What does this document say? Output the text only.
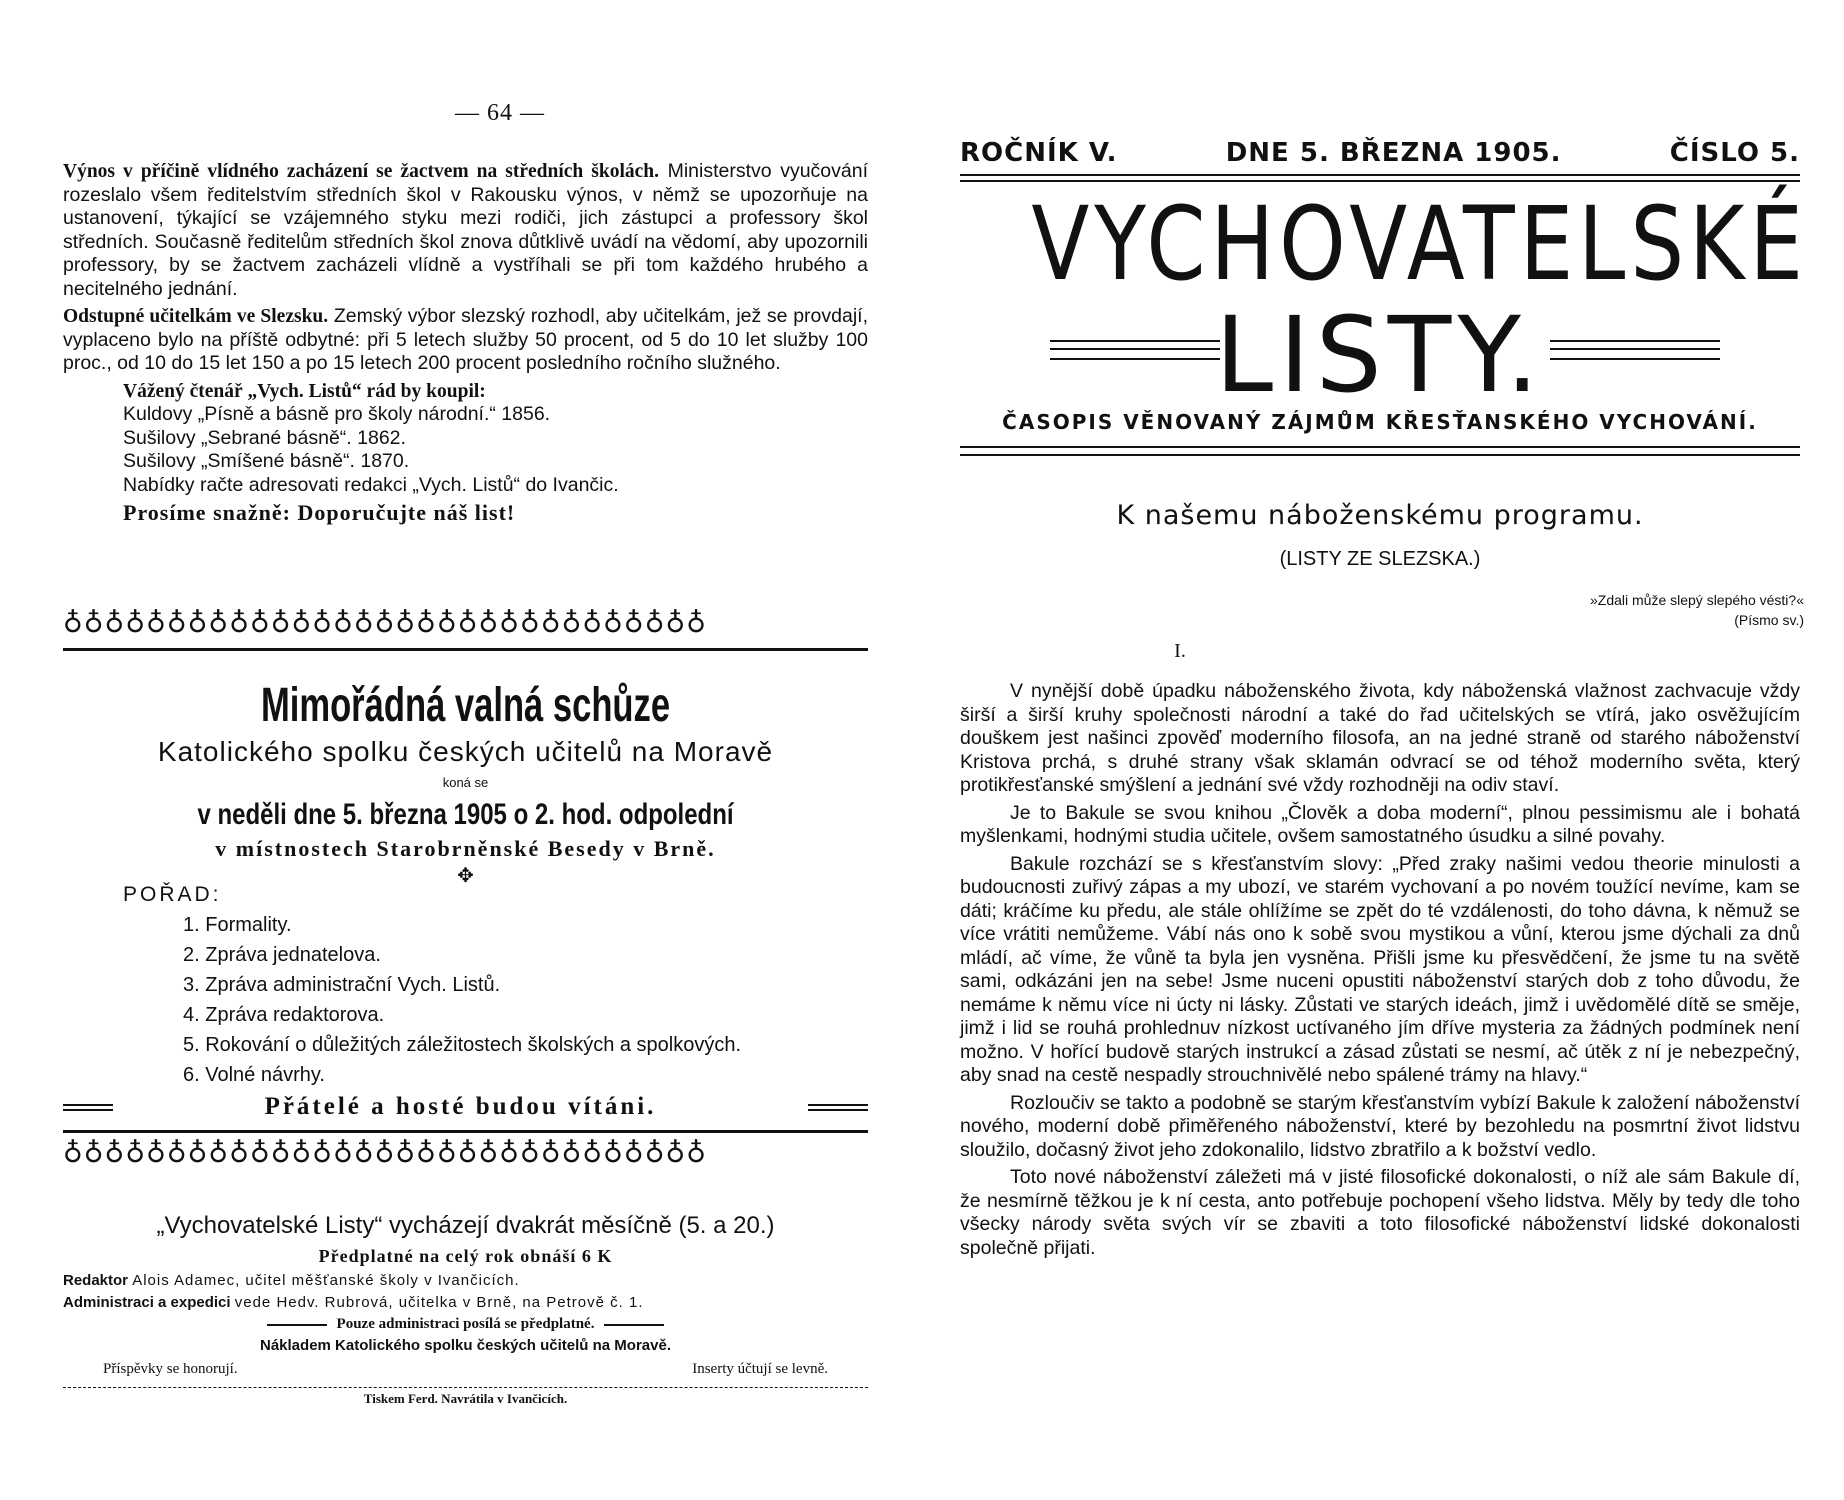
— 64 —

Výnos v příčině vlídného zacházení se žactvem na středních školách. Ministerstvo vyučování rozeslalo všem ředitelstvím středních škol v Rakousku výnos, v němž se upozorňuje na ustanovení, týkající se vzájemného styku mezi rodiči, jich zástupci a professory škol středních. Současně ředitelům středních škol znova důtklivě uvádí na vědomí, aby upozornili professory, by se žactvem zacházeli vlídně a vystříhali se při tom každého hrubého a necitelného jednání.

Odstupné učitelkám ve Slezsku. Zemský výbor slezský rozhodl, aby učitelkám, jež se provdají, vyplaceno bylo na příště odbytné: při 5 letech služby 50 procent, od 5 do 10 let služby 100 proc., od 10 do 15 let 150 a po 15 letech 200 procent posledního ročního služného.

Vážený čtenář „Vych. Listů“ rád by koupil:
Kuldovy „Písně a básně pro školy národní.“ 1856.
Sušilovy „Sebrané básně“. 1862.
Sušilovy „Smíšené básně“. 1870.
Nabídky račte adresovati redakci „Vych. Listů“ do Ivančic.
Prosíme snažně: Doporučujte náš list!
♁♁♁♁♁♁♁♁♁♁♁♁♁♁♁♁♁♁♁♁♁♁♁♁♁♁♁♁♁♁♁
Mimořádná valná schůze
Katolického spolku českých učitelů na Moravě
koná se
v neděli dne 5. března 1905 o 2. hod. odpolední
v místnostech Starobrněnské Besedy v Brně.
✥
POŘAD:
1. Formality.
2. Zpráva jednatelova.
3. Zpráva administrační Vych. Listů.
4. Zpráva redaktorova.
5. Rokování o důležitých záležitostech školských a spolkových.
6. Volné návrhy.
Přátelé a hosté budou vítáni.
♁♁♁♁♁♁♁♁♁♁♁♁♁♁♁♁♁♁♁♁♁♁♁♁♁♁♁♁♁♁♁
„Vychovatelské Listy“ vycházejí dvakrát měsíčně (5. a 20.)
Předplatné na celý rok obnáší 6 K
Redaktor Alois Adamec, učitel měšťanské školy v Ivančicích.
Administraci a expedici vede Hedv. Rubrová, učitelka v Brně, na Petrově č. 1.
Pouze administraci posílá se předplatné.
Nákladem Katolického spolku českých učitelů na Moravě.
Příspěvky se honorují.	Inserty účtují se levně.
Tiskem Ferd. Navrátila v Ivančicích.
ROČNÍK V.	DNE 5. BŘEZNA 1905.	ČÍSLO 5.
VYCHOVATELSKÉ
LISTY.
ČASOPIS VĚNOVANÝ ZÁJMŮM KŘESŤANSKÉHO VYCHOVÁNÍ.
K našemu náboženskému programu.
(LISTY ZE SLEZSKA.)
»Zdali může slepý slepého vésti?«
(Písmo sv.)
I.

V nynější době úpadku náboženského života, kdy náboženská vlažnost zachvacuje vždy širší a širší kruhy společnosti národní a také do řad učitelských se vtírá, jako osvěžujícím douškem jest našinci zpověď moderního filosofa, an na jedné straně od starého náboženství Kristova prchá, s druhé strany však sklamán odvrací se od téhož moderního světa, který protikřesťanské smýšlení a jednání své vždy rozhodněji na odiv staví.

Je to Bakule se svou knihou „Člověk a doba moderní“, plnou pessimismu ale i bohatá myšlenkami, hodnými studia učitele, ovšem samostatného úsudku a silné povahy.

Bakule rozchází se s křesťanstvím slovy: „Před zraky našimi vedou theorie minulosti a budoucnosti zuřivý zápas a my ubozí, ve starém vychovaní a po novém toužící nevíme, kam se dáti; kráčíme ku předu, ale stále ohlížíme se zpět do té vzdálenosti, do toho dávna, k němuž se více vrátiti nemůžeme. Vábí nás ono k sobě svou mystikou a vůní, kterou jsme dýchali za dnů mládí, ač víme, že vůně ta byla jen vysněna. Přišli jsme ku přesvědčení, že jsme tu na světě sami, odkázáni jen na sebe! Jsme nuceni opustiti náboženství starých dob z toho důvodu, že nemáme k němu více ni úcty ni lásky. Zůstati ve starých ideách, jimž i uvědomělé dítě se směje, jimž i lid se rouhá prohlednuv nízkost uctívaného jím dříve mysteria za žádných podmínek není možno. V hořící budově starých instrukcí a zásad zůstati se nesmí, ač útěk z ní je nebezpečný, aby snad na cestě nespadly strouchnivělé nebo spálené trámy na hlavy.“

Rozloučiv se takto a podobně se starým křesťanstvím vybízí Bakule k založení náboženství nového, moderní době přiměřeného náboženství, které by bezohledu na posmrtní život lidstvu sloužilo, dočasný život jeho zdokonalilo, lidstvo zbratřilo a k božství vedlo.

Toto nové náboženství záležeti má v jisté filosofické dokonalosti, o níž ale sám Bakule dí, že nesmírně těžkou je k ní cesta, anto potřebuje pochopení všeho lidstva. Měly by tedy dle toho všecky národy světa svých vír se zbaviti a toto filosofické náboženství lidské dokonalosti společně přijati.
